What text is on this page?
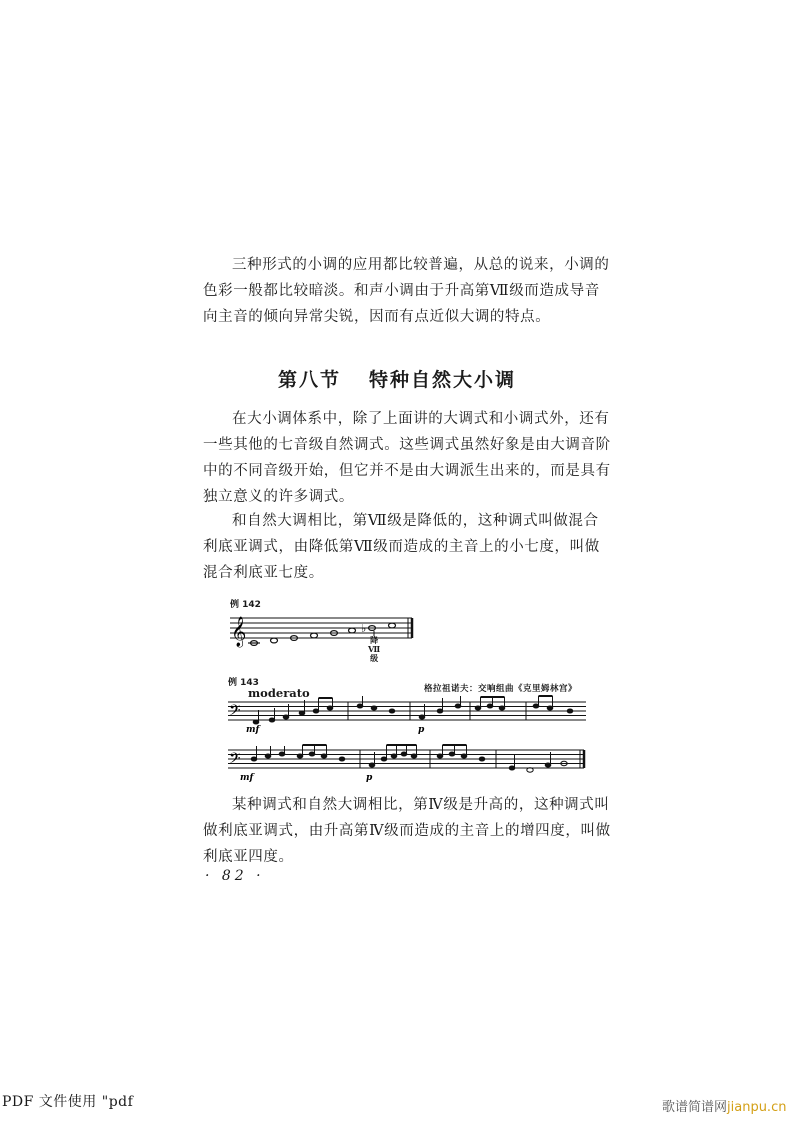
三种形式的小调的应用都比较普遍，从总的说来，小调的色彩一般都比较暗淡。和声小调由于升高第Ⅶ级而造成导音向主音的倾向异常尖锐，因而有点近似大调的特点。

第八节 特种自然大小调

在大小调体系中，除了上面讲的大调式和小调式外，还有一些其他的七音级自然调式。这些调式虽然好象是由大调音阶中的不同音级开始，但它并不是由大调派生出来的，而是具有独立意义的许多调式。

和自然大调相比，第Ⅶ级是降低的，这种调式叫做混合利底亚调式，由降低第Ⅶ级而造成的主音上的小七度，叫做混合利底亚七度。

例 142
𝄞	♭
降
Ⅶ
级
例 143
moderato	格拉祖诺夫：交响组曲《克里姆林宫》
𝄢
mf	p
𝄢
mf	p

某种调式和自然大调相比，第Ⅳ级是升高的，这种调式叫做利底亚调式，由升高第Ⅳ级而造成的主音上的增四度，叫做利底亚四度。

· 82 ·
PDF 文件使用 "pdf	歌谱简谱网jianpu.cn
